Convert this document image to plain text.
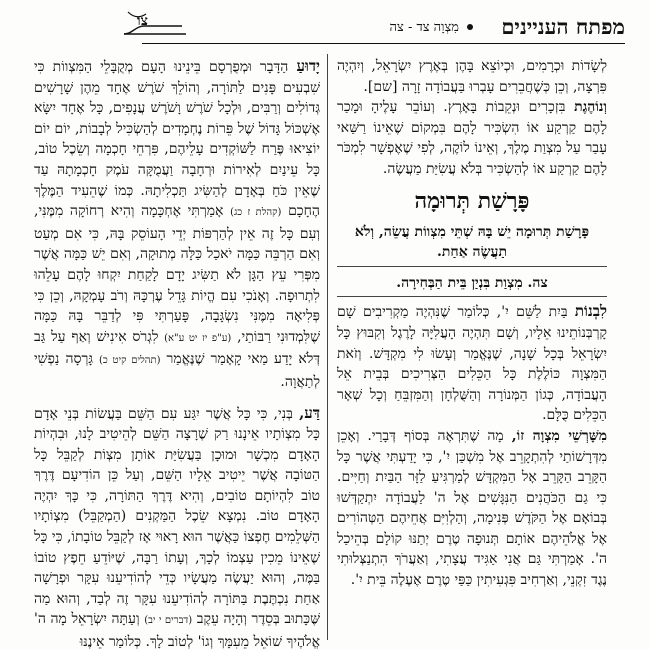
מפתח העניינים
מִצְוָה צד - צה
צו

לְשָׂדוֹת וּכְרָמִים, וּכְיוֹצֵא בָּהֶן בְּאֶרֶץ יִשְׂרָאֵל, וְיִהְיֶה פִּרְצָה, וְכֵן כְּשֶׁחֲבֵרִים עָבְרוּ בַּעֲבוֹדָה זָרָה [שם].

וְנוֹהֶגֶת בִּזְכָרִים וּנְקֵבוֹת בָּאָרֶץ. וְעוֹבֵר עָלֶיהָ וּמָכַר לָהֶם קַרְקַע אוֹ הִשְׂכִּיר לָהֶם בִּמְקוֹם שֶׁאֵינוֹ רַשַּׁאי עָבַר עַל מִצְוַת מֶלֶךְ, וְאֵינוֹ לוֹקֶה, לְפִי שֶׁאֶפְשָׁר לִמְכֹּר לָהֶם קַרְקַע אוֹ לְהַשְׂכִּיר בְּלֹא עֲשִׂיַּת מַעֲשֶׂה.

פָּרָשַׁת תְּרוּמָה

פָּרָשַׁת תְּרוּמָה יֵשׁ בָּהּ שְׁתֵּי מִצְווֹת עֲשֵׂה, וְלֹא תַעֲשֶׂה אַחַת.

צה. מִצְוַת בִּנְיַן בֵּית הַבְּחִירָה.

לִבְנוֹת בַּיִת לַשֵּׁם יִ', כְּלוֹמַר שֶׁנִּהְיֶה מַקְרִיבִים שָׁם קָרְבְּנוֹתֵינוּ אֵלָיו, וְשָׁם תִּהְיֶה הָעֲלִיָּה לָרֶגֶל וְקִבּוּץ כָּל יִשְׂרָאֵל בְּכָל שָׁנָה, שֶׁנֶּאֱמַר וְעָשׂוּ לִי מִקְדָּשׁ. וְזֹאת הַמִּצְוָה כּוֹלֶלֶת כָּל הַכֵּלִים הַצְּרִיכִים בְּבֵית אֵל הָעֲבוֹדָה, כְּגוֹן הַמְּנוֹרָה וְהַשֻּׁלְחָן וְהַמִּזְבֵּחַ וְכָל שְׁאָר הַכֵּלִים כֻּלָּם.

מִשָּׁרְשֵׁי מִצְוָה זוֹ, מָה שֶׁתִּרְאֶה בְּסוֹף דְּבָרַי. וְאָכֵן מִדְּרָשׁוֹתַי לְהִתְקָרֵב אֶל מִשְׁכַּן יִ', כִּי יָדַעְתִּי אֲשֶׁר כָּל הַקָּרֵב הַקָּרֵב אָל הַמִּקְדָּשׁ לְמַרְגִּיעַ לַזָּר הַבַּיִת וְחַיִּים. כִּי גַם הַכֹּהֲנִים הַנִּגָּשִׁים אֶל ה' לַעֲבוֹדָה יִתְקַדְּשׁוּ בְּבוֹאָם אֶל הַקֹּדֶשׁ פְּנִימָה, וְהַלְוִיִּם אֲחֵיהֶם הַטְּהוֹרִים אֶל אֱלֹהֵיהֶם אוֹתָם תְּנוּפָה טֶרֶם יְתַנּוּ קוֹלָם בְּהֵיכַל ה'. אָמַרְתִּי גַּם אֲנִי אַגִּיד עֲצָתִי, וְאַעֲרֹךְ הִתְנַצְּלוּתִי נֶגֶד זִקְנֵי, וְאַרְחִיב פִּגְעִיתִין כַּפַּי טֶרֶם אֶעֶלֶה בֵּית יִ'.

יָדוּעַ הַדָּבָר וּמְפֻרְסָם בֵּינֵינוּ הָעָם מְקֻבָּלֵי הַמִּצְווֹת כִּי שִׁבְעִים פָּנִים לַתּוֹרָה, וְהוֹלֵךְ שֹׁרֶשׁ אֶחָד מֵהֶן שָׁרָשִׁים גְּדוֹלִים וְרַבִּים, וּלְכָל שֹׁרֶשׁ וָשֹׁרֶשׁ עֲנָפִים, כָּל אֶחָד יִשָּׂא אֶשְׁכּוֹל גָּדוֹל שֶׁל פֵּרוֹת נֶחְמָדִים לְהַשְׂכִּיל לְבָבוֹת, יוֹם יוֹם יוֹצִיאוּ פֶּרַח לַשּׁוֹקְדִים עָלֵיהֶם, פִּרְחֵי חָכְמָה וְשֵׂכֶל טוֹב, כָּל עֵינַיִם לְאִירוֹת וּרְחָבָה וַעֲמֻקָּה עֹמֶק חָכְמָתָהּ עַד שֶׁאֵין כֹּחַ בְּאָדָם לְהַשִּׂיג תַּכְלִיתָהּ. כְּמוֹ שֶׁהֵעִיד הַמֶּלֶךְ הֶחָכָם (קהלת ז כג) אָמַרְתִּי אֶחְכָּמָה וְהִיא רְחוֹקָה מִמֶּנִּי, וְעִם כָּל זֶה אֵין לְהַרְפּוֹת יְדֵי הָעוֹסֵק בָּהּ, כִּי אִם מְעַט וְאִם הַרְבֵּה כַּמָּה יֹאכַל כַּלָּה מְתוּקָה, וְאִם יֵשׁ כַּמָּה אֲשֶׁר מִפְּרִי עֵץ הַגָּן לֹא תַשִּׂיג יָדָם לָקַחַת יִקְחוּ לָהֶם עָלֵהוּ לִתְרוּפָה. וְאָנֹכִי עִם הֱיוֹת גָּדֵל עֶרְכָּהּ וְרֹב עָמְקָהּ, וְכֵן כִּי פְּלִיאָה מִמֶּנִּי נִשְׂגָּבָה, פָּעַרְתִּי פִּי לְדַבֵּר בָּהּ כַּמָּה שֶׁלִּמְדוּנִי רַבּוֹתַי, (ע"פ יז יט ע"א) לִגְרֹס אִינִישׁ וְאַף עַל גַּב דְּלֹא יָדַע מַאי קָאָמַר שֶׁנֶּאֱמַר (תהלים קיט כ) גָּרְסָה נַפְשִׁי לְתַאֲוָה.

דַּע, בְּנִי, כִּי כָּל אֲשֶׁר יִגַּע עִם הַשֵּׁם בַּעֲשׂוֹת בְּנֵי אָדָם כָּל מִצְוֹתָיו אֵינָנוּ רַק שֶׁרָצָה הַשֵּׁם לְהֵיטִיב לָנוּ, וּבִהְיוֹת הָאָדָם מִכְשָׁר וּמוּכָן בַּעֲשִׂיַּת אוֹתָן מִצְוֹת לְקַבֵּל כָּל הַטּוֹבָה אֲשֶׁר יֵיטִיב אֵלָיו הַשֵּׁם, וְעַל כֵּן הוֹדִיעָם דֶּרֶךְ טוֹב לִהְיוֹתָם טוֹבִים, וְהִיא דֶּרֶךְ הַתּוֹרָה, כִּי כָּךְ יִהְיֶה הָאָדָם טוֹב. נִמְצָא שֵׂכֶל הַמַּקְנִים (הַמְקַבֵּל) מִצְוֹתָיו הַשְּׁלֵמִים חֶפְצוֹ כַּאֲשֶׁר הוּא רָאוּי אָז לְקַבֵּל טוֹבָתוֹ, כִּי כָּל שֶׁאֵינוֹ מֵכִין עַצְמוֹ לְכָךְ, וְעָתוֹ רַבָּה, שֶׁיּוֹדֵעַ חֵפֶץ טוֹבוֹ בַּמֶּה, וְהוּא יַעֲשֶׂה מַעֲשָׂיו כְּדֵי לְהוֹדִיעֵנוּ עִקָּר וּפְרָשָׁה אַחַת נִכְתֶּבֶת בַּתּוֹרָה לְהוֹדִיעֵנוּ עִקָּר זֶה לְבַד, וְהוּא מַה שֶּׁכָּתוּב בְּסֵדֶר וְהָיָה עֵקֶב (דברים י יב) וְעַתָּה יִשְׂרָאֵל מָה ה' אֱלֹהֶיךָ שׁוֹאֵל מֵעִמָּךְ וְגוֹ' לְטוֹב לָךְ. כְּלוֹמַר אֵינֶנּוּ
